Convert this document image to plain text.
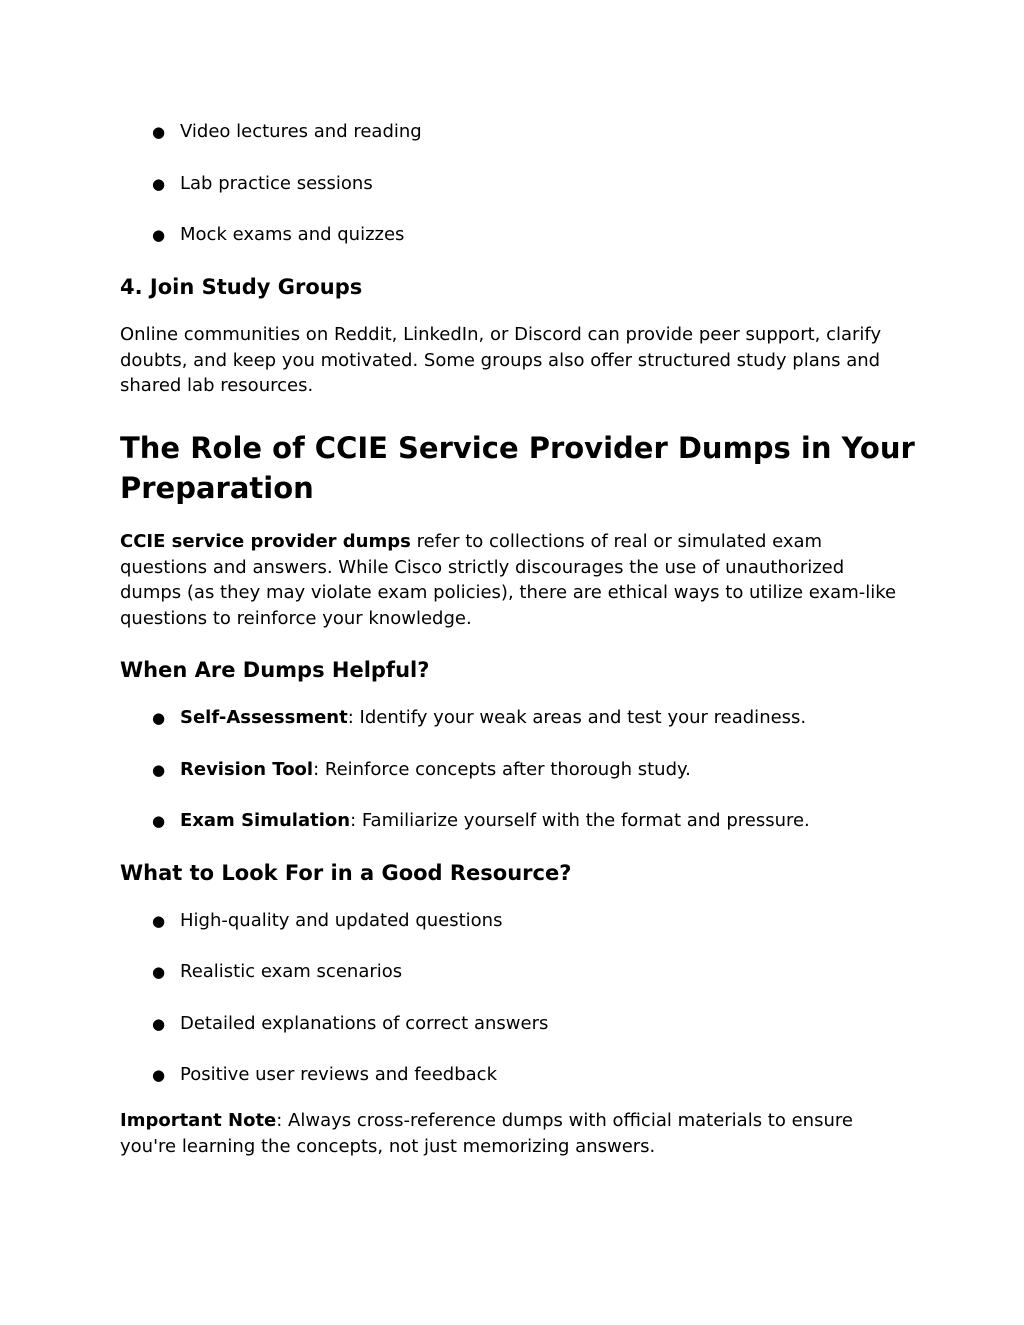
● Video lectures and reading
● Lab practice sessions
● Mock exams and quizzes
4. Join Study Groups
Online communities on Reddit, LinkedIn, or Discord can provide peer support, clarify doubts, and keep you motivated. Some groups also offer structured study plans and shared lab resources.
The Role of CCIE Service Provider Dumps in Your Preparation
CCIE service provider dumps refer to collections of real or simulated exam questions and answers. While Cisco strictly discourages the use of unauthorized dumps (as they may violate exam policies), there are ethical ways to utilize exam-like questions to reinforce your knowledge.
When Are Dumps Helpful?
● Self-Assessment: Identify your weak areas and test your readiness.
● Revision Tool: Reinforce concepts after thorough study.
● Exam Simulation: Familiarize yourself with the format and pressure.
What to Look For in a Good Resource?
● High-quality and updated questions
● Realistic exam scenarios
● Detailed explanations of correct answers
● Positive user reviews and feedback
Important Note: Always cross-reference dumps with official materials to ensure you're learning the concepts, not just memorizing answers.
